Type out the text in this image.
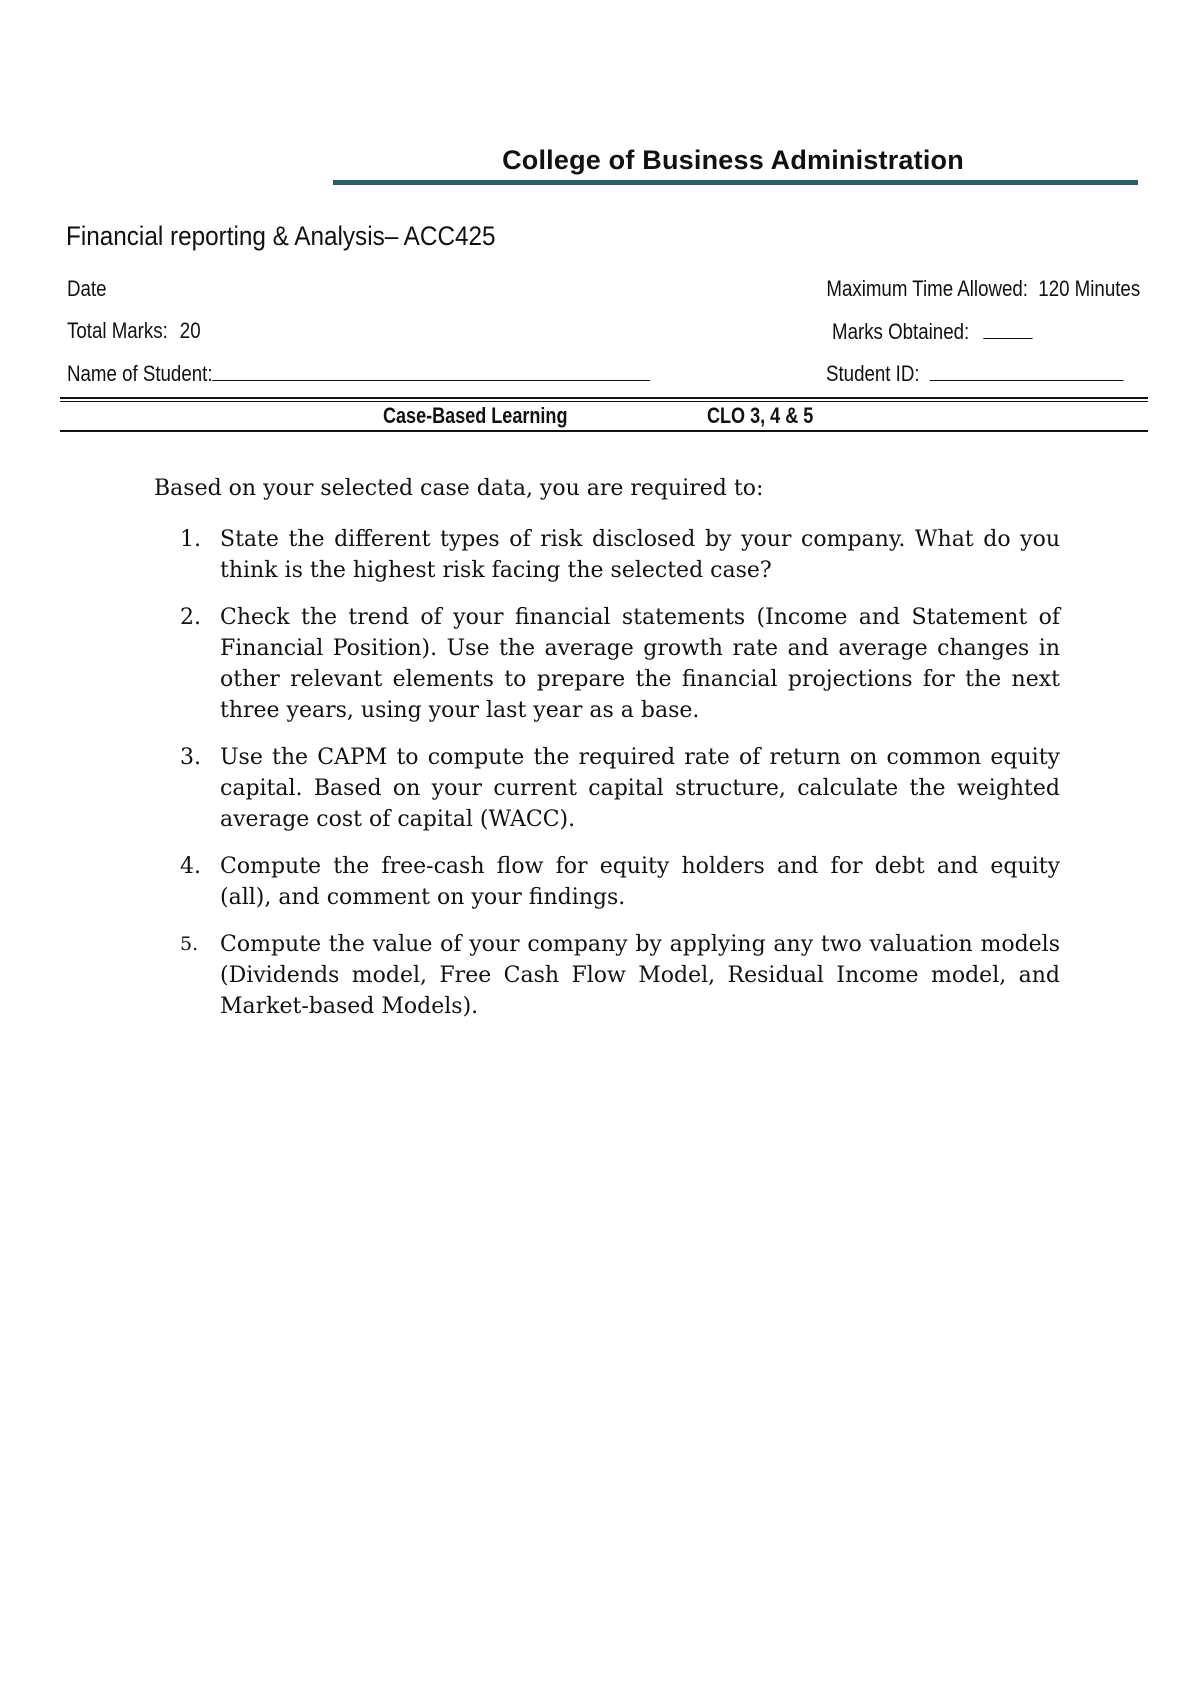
College of Business Administration
Financial reporting & Analysis– ACC425
Date	Maximum Time Allowed: 120 Minutes
Total Marks: 20	Marks Obtained:
Name of Student:	Student ID:
Case-Based Learning	CLO 3, 4 & 5
Based on your selected case data, you are required to:
1. State the different types of risk disclosed by your company. What do you think is the highest risk facing the selected case?
2. Check the trend of your financial statements (Income and Statement of Financial Position). Use the average growth rate and average changes in other relevant elements to prepare the financial projections for the next three years, using your last year as a base.
3. Use the CAPM to compute the required rate of return on common equity capital. Based on your current capital structure, calculate the weighted average cost of capital (WACC).
4. Compute the free-cash flow for equity holders and for debt and equity (all), and comment on your findings.
5. Compute the value of your company by applying any two valuation models (Dividends model, Free Cash Flow Model, Residual Income model, and Market-based Models).
